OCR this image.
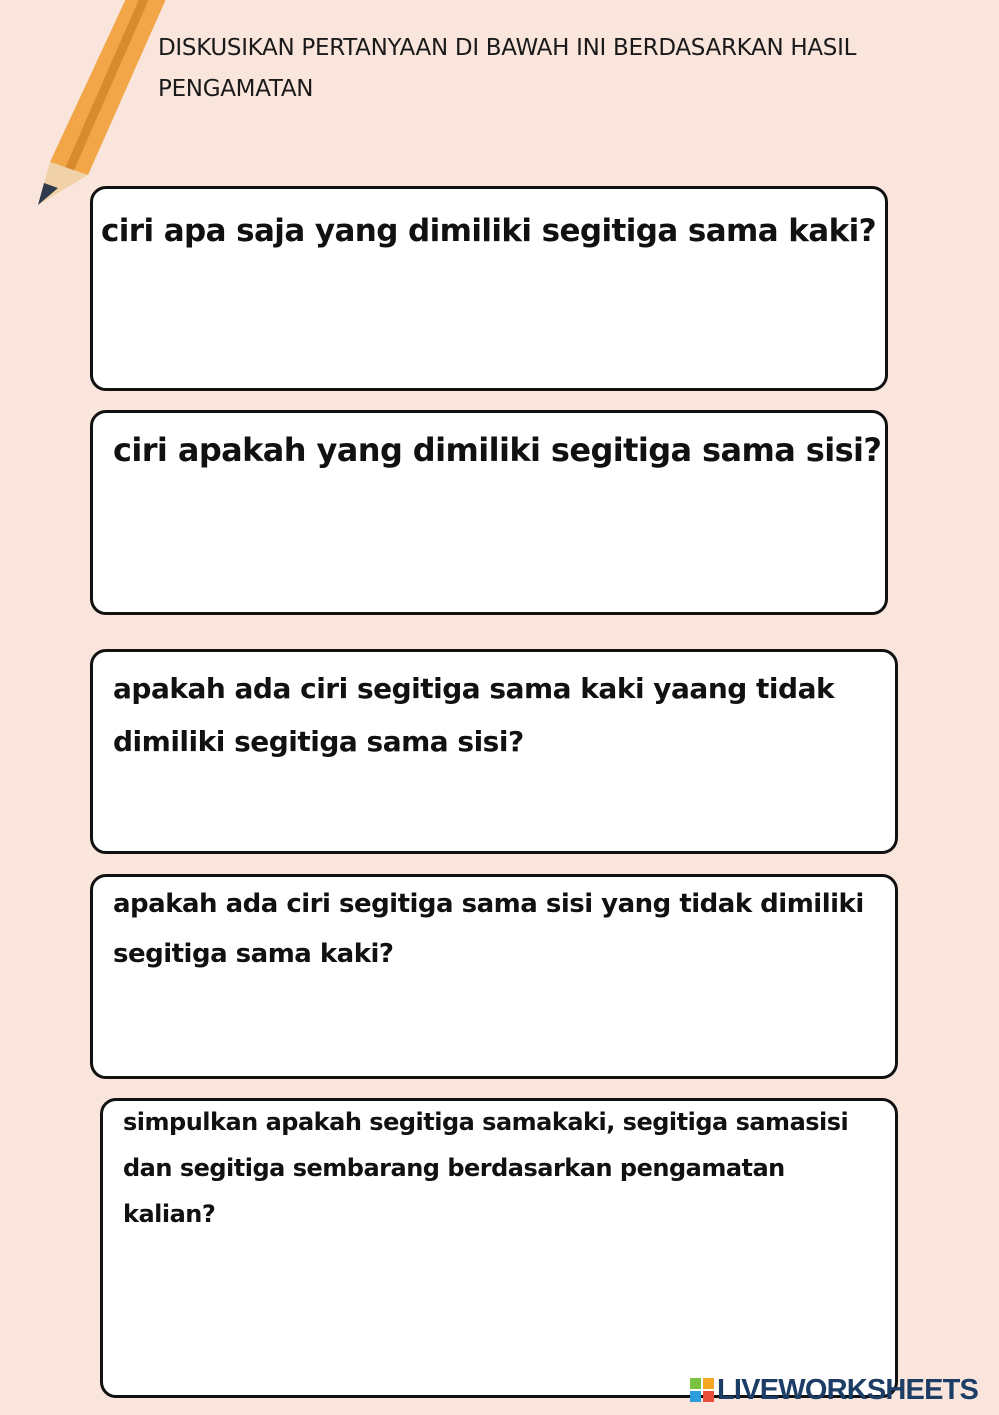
DISKUSIKAN PERTANYAAN DI BAWAH INI BERDASARKAN HASIL PENGAMATAN
ciri apa saja yang dimiliki segitiga sama kaki?
ciri apakah yang dimiliki segitiga sama sisi?
apakah ada ciri segitiga sama kaki yaang tidak dimiliki segitiga sama sisi?
apakah ada ciri segitiga sama sisi yang tidak dimiliki segitiga sama kaki?
simpulkan apakah segitiga samakaki, segitiga samasisi dan segitiga sembarang berdasarkan pengamatan kalian?
LIVEWORKSHEETS
